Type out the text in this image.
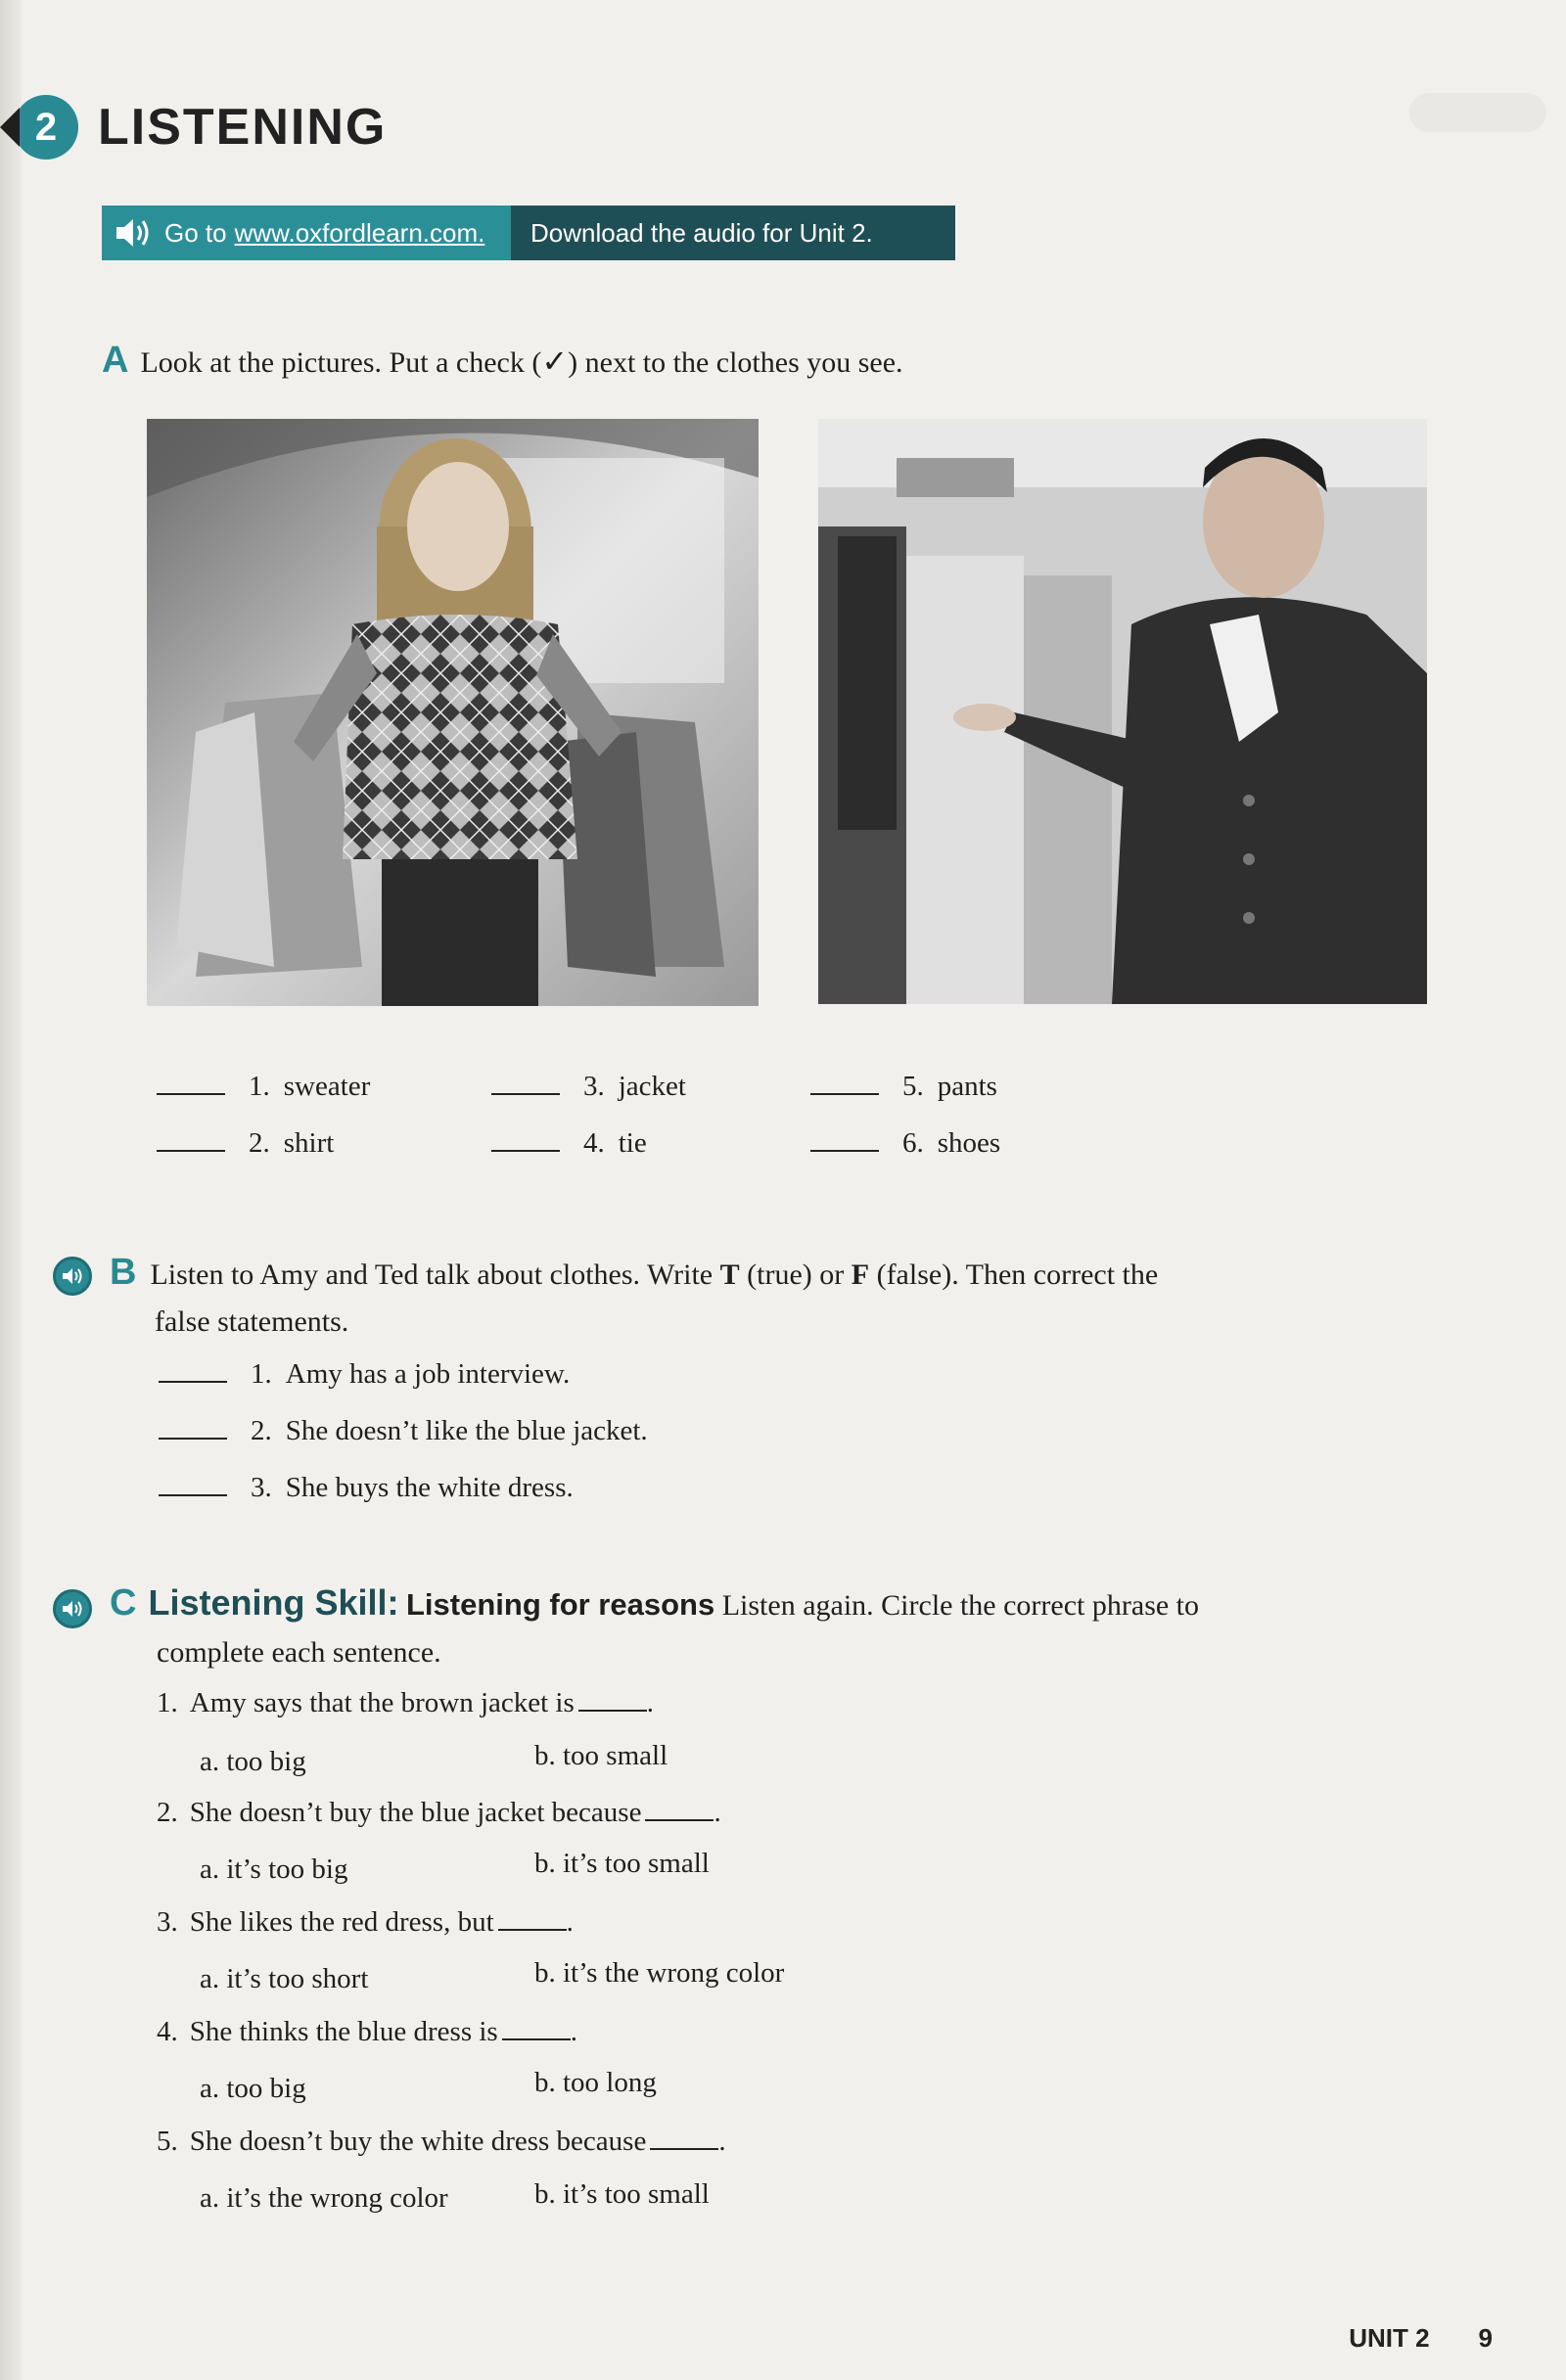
2 LISTENING
Go to www.oxfordlearn.com.	Download the audio for Unit 2.
A Look at the pictures. Put a check ( ✓ ) next to the clothes you see.
1. sweater
2. shirt
3. jacket
4. tie
5. pants
6. shoes
B Listen to Amy and Ted talk about clothes. Write T (true) or F (false). Then correct the
false statements.
1. Amy has a job interview.
2. She doesn’t like the blue jacket.
3. She buys the white dress.
C Listening Skill: Listening for reasons Listen again. Circle the correct phrase to
complete each sentence.
1. Amy says that the brown jacket is	.
a. too big	b. too small
2. She doesn’t buy the blue jacket because	.
a. it’s too big	b. it’s too small
3. She likes the red dress, but	.
a. it’s too short	b. it’s the wrong color
4. She thinks the blue dress is	.
a. too big	b. too long
5. She doesn’t buy the white dress because	.
a. it’s the wrong color	b. it’s too small
UNIT 2 9
